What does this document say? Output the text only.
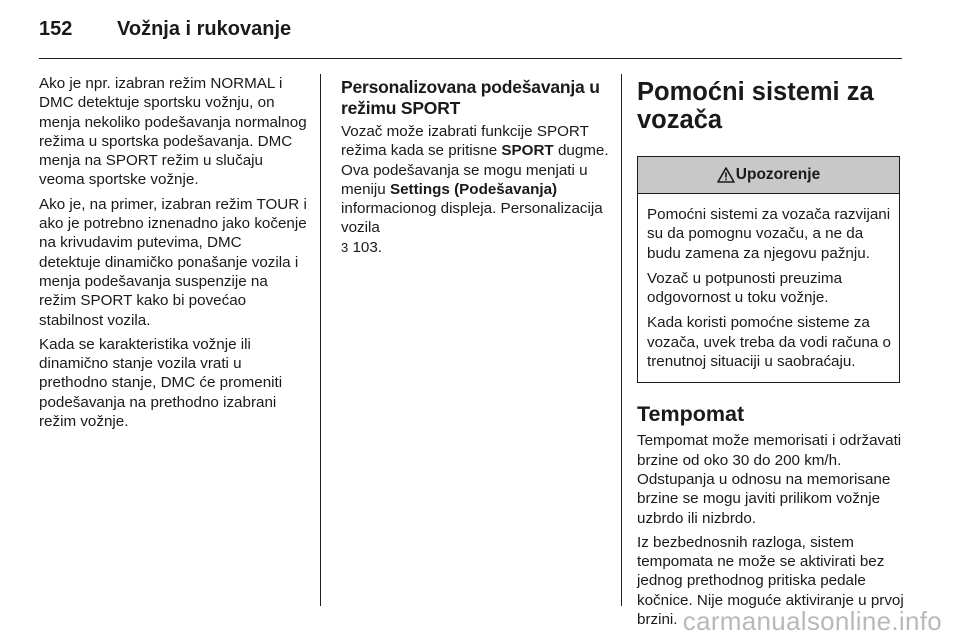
152	Vožnja i rukovanje

Ako je npr. izabran režim NORMAL i DMC detektuje sportsku vožnju, on menja nekoliko podešavanja normalnog režima u sportska podešavanja. DMC menja na SPORT režim u slučaju veoma sportske vožnje.

Ako je, na primer, izabran režim TOUR i ako je potrebno iznenadno jako kočenje na krivudavim putevima, DMC detektuje dinamičko ponašanje vozila i menja podešavanja suspenzije na režim SPORT kako bi povećao stabilnost vozila.

Kada se karakteristika vožnje ili dinamično stanje vozila vrati u prethodno stanje, DMC će promeniti podešavanja na prethodno izabrani režim vožnje.

Personalizovana podešavanja u režimu SPORT

Vozač može izabrati funkcije SPORT režima kada se pritisne SPORT dugme. Ova podešavanja se mogu menjati u meniju Settings (Podešavanja) informacionog displeja. Personalizacija vozila
3 103.

Pomoćni sistemi za vozača
Upozorenje

Pomoćni sistemi za vozača razvijani su da pomognu vozaču, a ne da budu zamena za njegovu pažnju.

Vozač u potpunosti preuzima odgovornost u toku vožnje.

Kada koristi pomoćne sisteme za vozača, uvek treba da vodi računa o trenutnoj situaciji u saobraćaju.

Tempomat

Tempomat može memorisati i održavati brzine od oko 30 do 200 km/h. Odstupanja u odnosu na memorisane brzine se mogu javiti prilikom vožnje uzbrdo ili nizbrdo.

Iz bezbednosnih razloga, sistem tempomata ne može se aktivirati bez jednog prethodnog pritiska pedale kočnice. Nije moguće aktiviranje u prvoj brzini. carmanualsonline.info
